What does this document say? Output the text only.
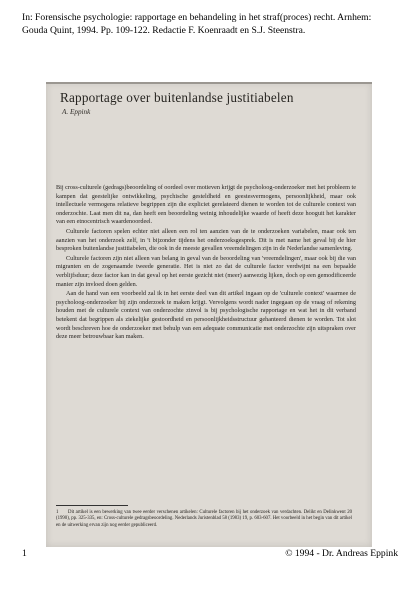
In: Forensische psychologie: rapportage en behandeling in het straf(proces) recht. Arnhem: Gouda Quint, 1994. Pp. 109-122. Redactie F. Koenraadt en S.J. Steenstra.
Rapportage over buitenlandse justitiabelen
A. Eppink

Bij cross-culturele (gedrags)beoordeling of oordeel over motieven krijgt de psycholoog-onderzoeker met het probleem te kampen dat geestelijke ontwikkeling, psychische gesteldheid en geestesvermogens, persoonlijkheid, maar ook intellectuele vermogens relatieve begrippen zijn die expliciet gerelateerd dienen te worden tot de culturele context van onderzochte. Laat men dit na, dan heeft een beoordeling weinig inhoudelijke waarde of heeft deze hooguit het karakter van een etnocentrisch waardenoordeel.

Culturele factoren spelen echter niet alleen een rol ten aanzien van de te onderzoeken variabelen, maar ook ten aanzien van het onderzoek zelf, in 't bijzonder tijdens het onderzoeksgesprek. Dit is met name het geval bij de hier besproken buitenlandse justitiabelen, die ook in de meeste gevallen vreemdelingen zijn in de Nederlandse samenleving.

Culturele factoren zijn niet alleen van belang in geval van de beoordeling van 'vreemdelingen', maar ook bij die van migranten en de zogenaamde tweede generatie. Het is niet zo dat de culturele factor verdwijnt na een bepaalde verblijfsduur; deze factor kan in dat geval op het eerste gezicht niet (meer) aanwezig lijken, doch op een gemodificeerde manier zijn invloed doen gelden.

Aan de hand van een voorbeeld zal ik in het eerste deel van dit artikel ingaan op de 'culturele context' waarmee de psycholoog-onderzoeker bij zijn onderzoek te maken krijgt. Vervolgens wordt nader ingegaan op de vraag of rekening houden met de culturele context van onderzochte zinvol is bij psychologische rapportage en wat het in dit verband betekent dat begrippen als ziekelijke gestoordheid en persoonlijkheidsstructuur gehanteerd dienen te worden. Tot slot wordt beschreven hoe de onderzoeker met behulp van een adequate communicatie met onderzochte zijn uitspraken over deze meer betrouwbaar kan maken.

1 Dit artikel is een bewerking van twee eerder verschenen artikelen: Culturele factoren bij het onderzoek van verdachten. Delikt en Delinkwent 20 (1990), pp. 325-335, en: Cross-culturele gedragsbeoordeling. Nederlands Juristenblad 58 (1983) 19, p. 603-607. Het voorbeeld in het begin van dit artikel en de uitwerking ervan zijn nog eerder gepubliceerd.
1	© 1994 - Dr. Andreas Eppink
